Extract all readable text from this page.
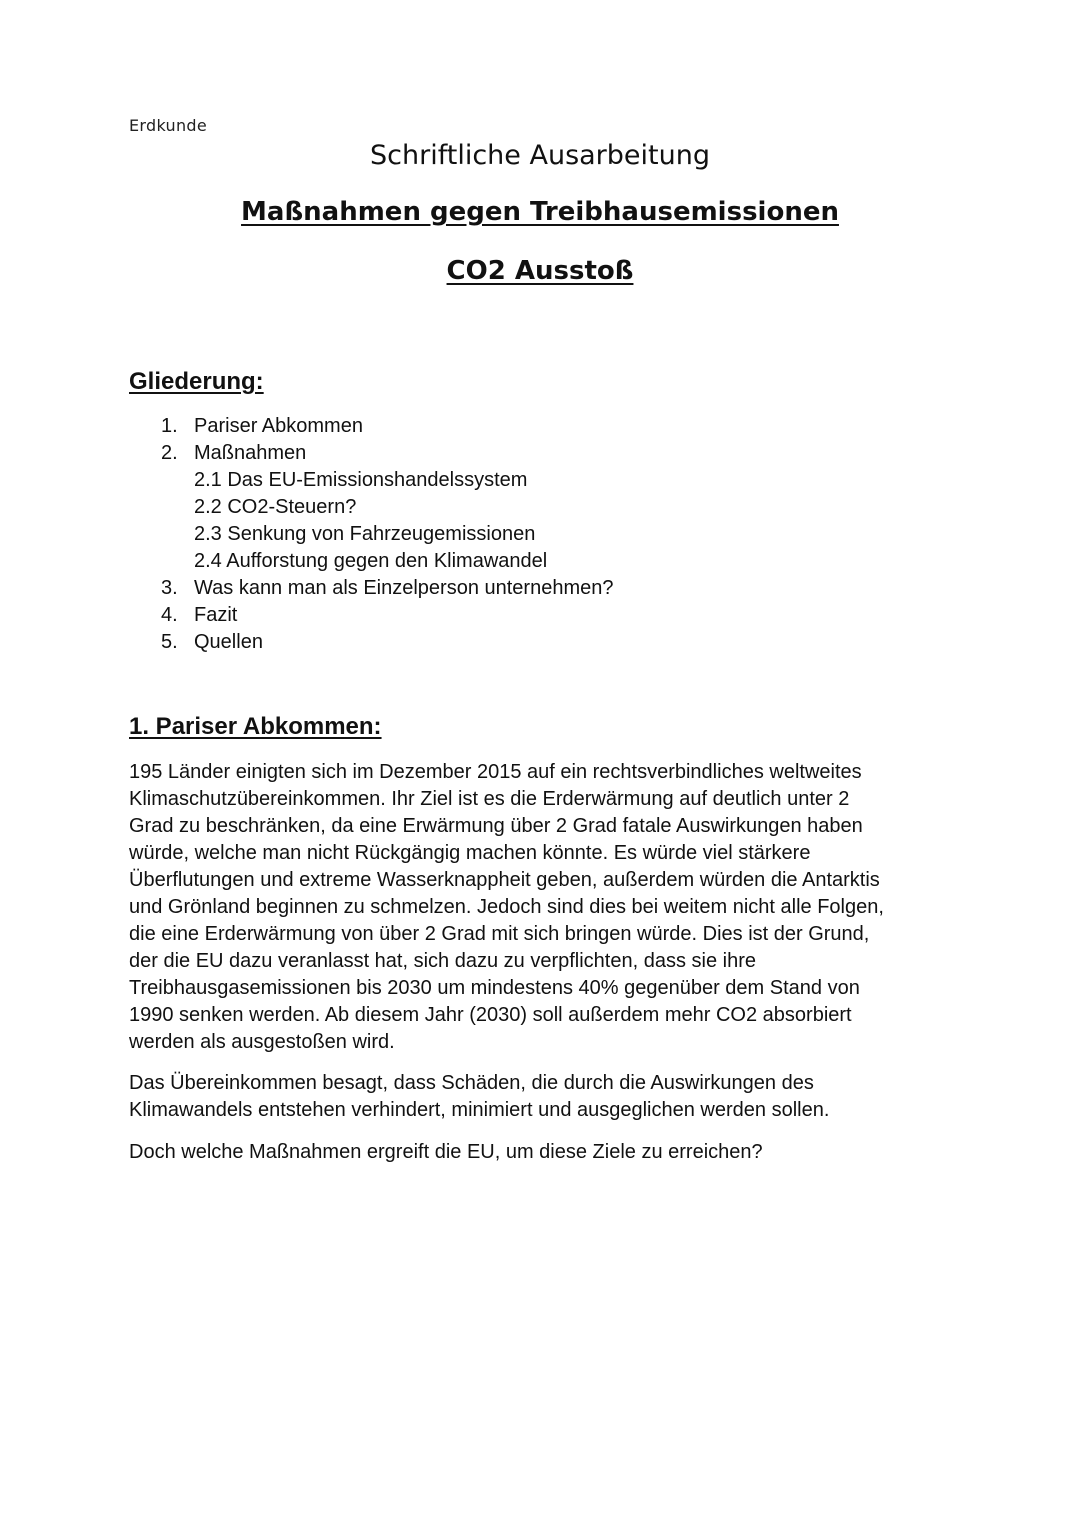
Erdkunde
Schriftliche Ausarbeitung
Maßnahmen gegen Treibhausemissionen
CO2 Ausstoß
Gliederung:
1. Pariser Abkommen
2. Maßnahmen
2.1 Das EU-Emissionshandelssystem
2.2 CO2-Steuern?
2.3 Senkung von Fahrzeugemissionen
2.4 Aufforstung gegen den Klimawandel
3. Was kann man als Einzelperson unternehmen?
4. Fazit
5. Quellen
1. Pariser Abkommen:

195 Länder einigten sich im Dezember 2015 auf ein rechtsverbindliches weltweites
Klimaschutzübereinkommen. Ihr Ziel ist es die Erderwärmung auf deutlich unter 2
Grad zu beschränken, da eine Erwärmung über 2 Grad fatale Auswirkungen haben
würde, welche man nicht Rückgängig machen könnte. Es würde viel stärkere
Überflutungen und extreme Wasserknappheit geben, außerdem würden die Antarktis
und Grönland beginnen zu schmelzen. Jedoch sind dies bei weitem nicht alle Folgen,
die eine Erderwärmung von über 2 Grad mit sich bringen würde. Dies ist der Grund,
der die EU dazu veranlasst hat, sich dazu zu verpflichten, dass sie ihre
Treibhausgasemissionen bis 2030 um mindestens 40% gegenüber dem Stand von
1990 senken werden. Ab diesem Jahr (2030) soll außerdem mehr CO2 absorbiert
werden als ausgestoßen wird.

Das Übereinkommen besagt, dass Schäden, die durch die Auswirkungen des
Klimawandels entstehen verhindert, minimiert und ausgeglichen werden sollen.

Doch welche Maßnahmen ergreift die EU, um diese Ziele zu erreichen?
